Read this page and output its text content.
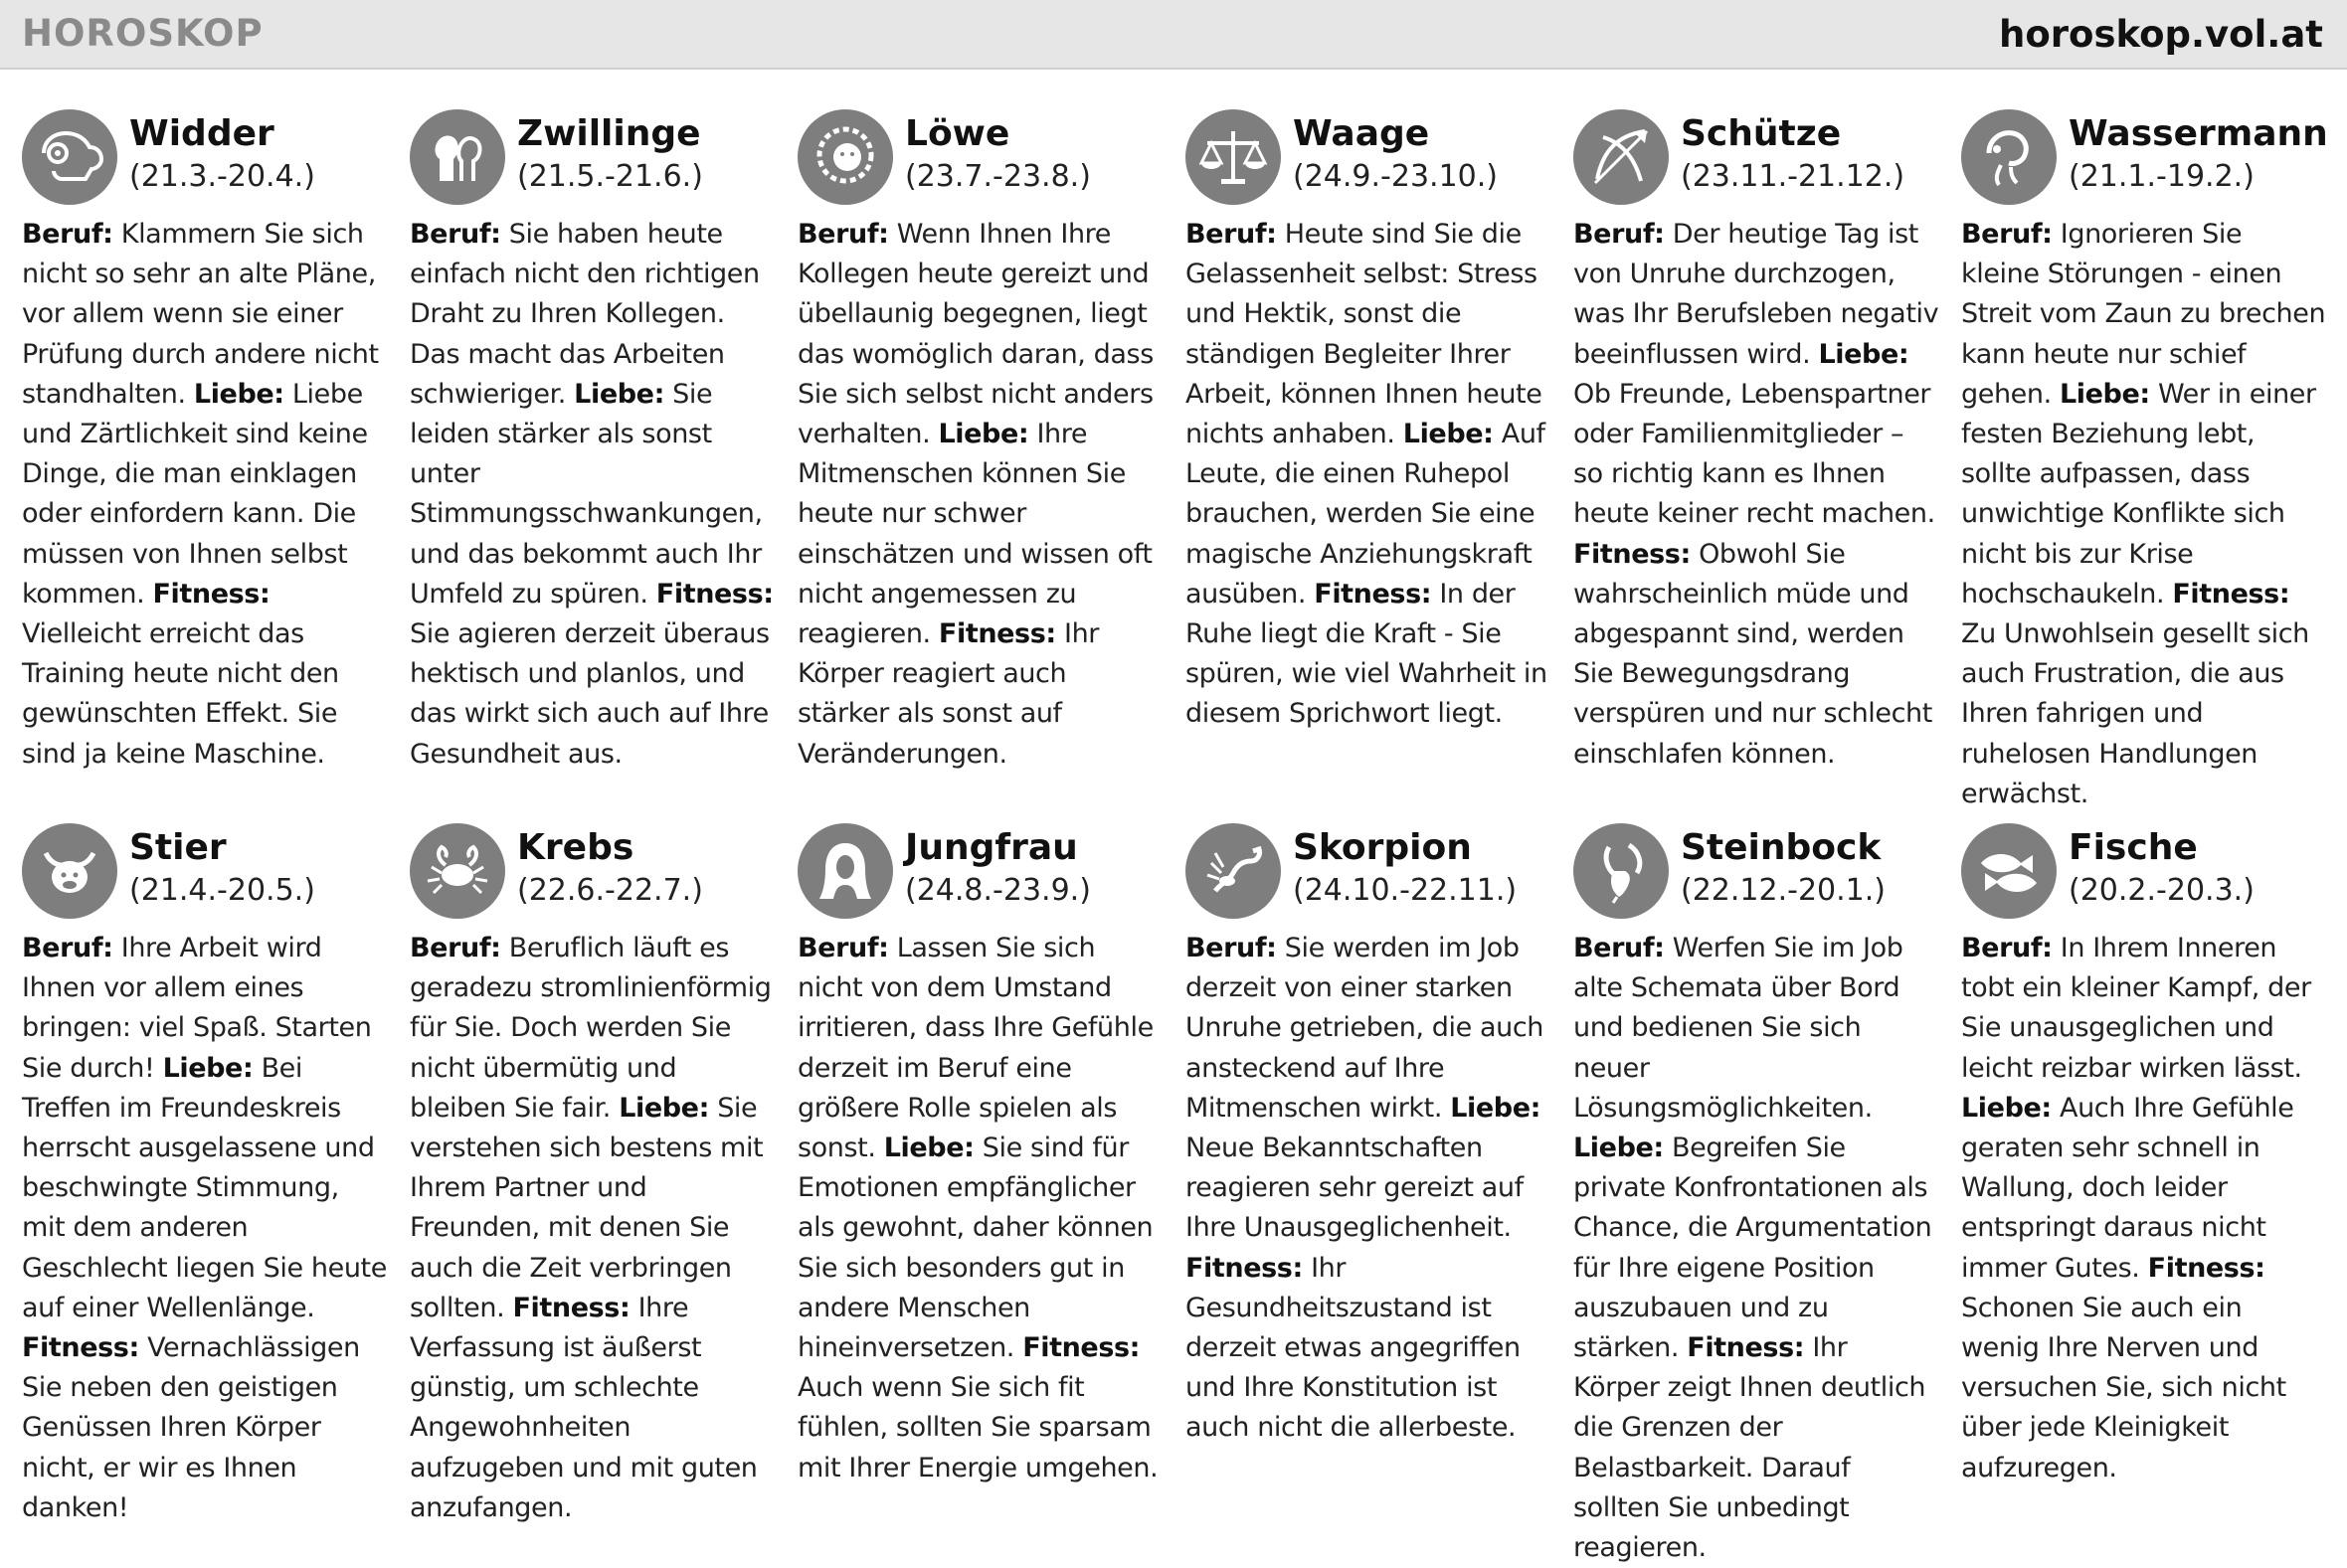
HOROSKOP	horoskop.vol.at
Widder
(21.3.-20.4.)

Beruf: Klammern Sie sich nicht so sehr an alte Pläne, vor allem wenn sie einer Prüfung durch andere nicht standhalten. Liebe: Liebe und Zärtlichkeit sind keine Dinge, die man einklagen oder einfordern kann. Die müssen von Ihnen selbst kommen. Fitness: Vielleicht erreicht das Training heute nicht den gewünschten Effekt. Sie sind ja keine Maschine.

Zwillinge
(21.5.-21.6.)

Beruf: Sie haben heute einfach nicht den richtigen Draht zu Ihren Kollegen. Das macht das Arbeiten schwieriger. Liebe: Sie leiden stärker als sonst unter Stimmungsschwankungen, und das bekommt auch Ihr Umfeld zu spüren. Fitness: Sie agieren derzeit überaus hektisch und planlos, und das wirkt sich auch auf Ihre Gesundheit aus.

Löwe
(23.7.-23.8.)

Beruf: Wenn Ihnen Ihre Kollegen heute gereizt und übellaunig begegnen, liegt das womöglich daran, dass Sie sich selbst nicht anders verhalten. Liebe: Ihre Mitmenschen können Sie heute nur schwer einschätzen und wissen oft nicht angemessen zu reagieren. Fitness: Ihr Körper reagiert auch stärker als sonst auf Veränderungen.

Waage
(24.9.-23.10.)

Beruf: Heute sind Sie die Gelassenheit selbst: Stress und Hektik, sonst die ständigen Begleiter Ihrer Arbeit, können Ihnen heute nichts anhaben. Liebe: Auf Leute, die einen Ruhepol brauchen, werden Sie eine magische Anziehungskraft ausüben. Fitness: In der Ruhe liegt die Kraft - Sie spüren, wie viel Wahrheit in diesem Sprichwort liegt.

Schütze
(23.11.-21.12.)

Beruf: Der heutige Tag ist von Unruhe durchzogen, was Ihr Berufsleben negativ beeinflussen wird. Liebe: Ob Freunde, Lebenspartner oder Familienmitglieder – so richtig kann es Ihnen heute keiner recht machen. Fitness: Obwohl Sie wahrscheinlich müde und abgespannt sind, werden Sie Bewegungsdrang verspüren und nur schlecht einschlafen können.

Wassermann
(21.1.-19.2.)

Beruf: Ignorieren Sie kleine Störungen - einen Streit vom Zaun zu brechen kann heute nur schief gehen. Liebe: Wer in einer festen Beziehung lebt, sollte aufpassen, dass unwichtige Konflikte sich nicht bis zur Krise hochschaukeln. Fitness: Zu Unwohlsein gesellt sich auch Frustration, die aus Ihren fahrigen und ruhelosen Handlungen erwächst.

Stier
(21.4.-20.5.)

Beruf: Ihre Arbeit wird Ihnen vor allem eines bringen: viel Spaß. Starten Sie durch! Liebe: Bei Treffen im Freundeskreis herrscht ausgelassene und beschwingte Stimmung, mit dem anderen Geschlecht liegen Sie heute auf einer Wellenlänge. Fitness: Vernachlässigen Sie neben den geistigen Genüssen Ihren Körper nicht, er wir es Ihnen danken!

Krebs
(22.6.-22.7.)

Beruf: Beruflich läuft es geradezu stromlinienförmig für Sie. Doch werden Sie nicht übermütig und bleiben Sie fair. Liebe: Sie verstehen sich bestens mit Ihrem Partner und Freunden, mit denen Sie auch die Zeit verbringen sollten. Fitness: Ihre Verfassung ist äußerst günstig, um schlechte Angewohnheiten aufzugeben und mit guten anzufangen.

Jungfrau
(24.8.-23.9.)

Beruf: Lassen Sie sich nicht von dem Umstand irritieren, dass Ihre Gefühle derzeit im Beruf eine größere Rolle spielen als sonst. Liebe: Sie sind für Emotionen empfänglicher als gewohnt, daher können Sie sich besonders gut in andere Menschen hineinversetzen. Fitness: Auch wenn Sie sich fit fühlen, sollten Sie sparsam mit Ihrer Energie umgehen.

Skorpion
(24.10.-22.11.)

Beruf: Sie werden im Job derzeit von einer starken Unruhe getrieben, die auch ansteckend auf Ihre Mitmenschen wirkt. Liebe: Neue Bekanntschaften reagieren sehr gereizt auf Ihre Unausgeglichenheit. Fitness: Ihr Gesundheitszustand ist derzeit etwas angegriffen und Ihre Konstitution ist auch nicht die allerbeste.

Steinbock
(22.12.-20.1.)

Beruf: Werfen Sie im Job alte Schemata über Bord und bedienen Sie sich neuer Lösungsmöglichkeiten. Liebe: Begreifen Sie private Konfrontationen als Chance, die Argumentation für Ihre eigene Position auszubauen und zu stärken. Fitness: Ihr Körper zeigt Ihnen deutlich die Grenzen der Belastbarkeit. Darauf sollten Sie unbedingt reagieren.

Fische
(20.2.-20.3.)

Beruf: In Ihrem Inneren tobt ein kleiner Kampf, der Sie unausgeglichen und leicht reizbar wirken lässt. Liebe: Auch Ihre Gefühle geraten sehr schnell in Wallung, doch leider entspringt daraus nicht immer Gutes. Fitness: Schonen Sie auch ein wenig Ihre Nerven und versuchen Sie, sich nicht über jede Kleinigkeit aufzuregen.
